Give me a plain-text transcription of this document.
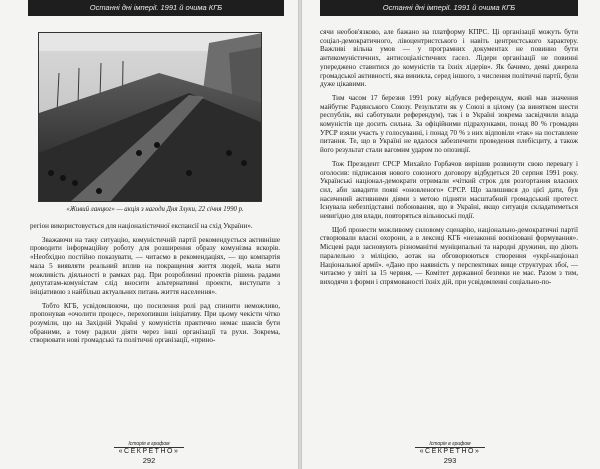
Останні дні імперії. 1991 й очима КГБ
«Живий ланцюг» — акція з нагоди Дня Злуки, 22 січня 1990 р.

регіон використовується для націоналістичної експансії на схід України».

Зважаючи на таку ситуацію, комуністичній партії рекомендується активніше проводити інформаційну роботу для розширення образу комунізма вскорів. «Необхідно постійно показувати, — читаємо в рекомендаціях, — що компартія мала 5 виявляти реальний вплив на покращення життя людей, мала мати можливість діяльності в рамках рад. При розробленні проектів рішень радами депутатам-комуністам слід вносити альтернативні проекти, виступати з ініціативою з найбільш актуальних питань життя населення».

Тобто КГБ, усвідомлюючи, що посилення ролі рад спинити неможливо, пропонував «очолити процес», перехопивши ініціативу. При цьому чекісти чітко розуміли, що на Західній Україні у комуністів практично немає шансів бути обраними, а тому радили діяти через інші організації та рухи. Зокрема, створювати нові громадські та політичні організації, «прино-

Історія в грифом
«СЕКРЕТНО»
292
Останні дні імперії. 1991 й очима КГБ

сячи необов'язково, але бажано на платформу КПРС. Ці організації можуть бути соціал-демократичного, лівоцентристського і навіть центристського характеру. Важливі вільна умов — у програмних документах не повинно бути антикомуністичних, антисоціалістичних гасел. Лідери організації не повинні упереджено ставитися до комуністів та їхніх лідерів». Як бачимо, деякі джерела громадської активності, яка виникла, серед іншого, з числення політичні партії, були дуже цікавими.

Тим часом 17 березня 1991 року відбувся референдум, який мав значення майбутнє Радянського Союзу. Результати як у Союзі в цілому (за винятком шести республік, які саботували референдум), так і в Україні зокрема засвідчили влада комуністів ще досить сильна. За офіційними підрахунками, понад 80 % громадян УРСР взяли участь у голосуванні, і понад 70 % з них відповіли «так» на поставлене питання. Те, що в Україні не вдалося забезпечити проведення плебісциту, а також його результат стали вагомим ударом по опозиції.

Тож Президент СРСР Михайло Горбачов вирішив розвинути свою перевагу і оголосив: підписання нового союзного договору відбудеться 20 серпня 1991 року. Українські націонал-демократи отримали «чіткий строк для розгортання власних сил, аби завадити появі «оновленого» СРСР. Що залишився до цієї дати, був насичений активними діями з метою підняти масштабний громадський протест. Існувала небезпідставні побоювання, що в Україні, якщо ситуація складатиметься невигідно для влади, повторяться вільнюські події.

Щоб пронести можливому силовому сценарію, національно-демократичні партії створювали власні охорони, а в лексиці КГБ «незаконні воєнізовані формування». Місцеві ради засновують різноманітні муніципальні та народні дружини, що діють паралельно з міліцією, аотак на обговорюються створення «укрї-націонал Національної армії». «Дано про наявність у перспективах вище структурах збої, — читаємо у звіті за 15 червня, — Комітет державної безпеки не має. Разом з тим, виходячи з форми і спрямованості їхніх дій, при усвідомленні соціально-по-

Історія в грифом
«СЕКРЕТНО»
293
